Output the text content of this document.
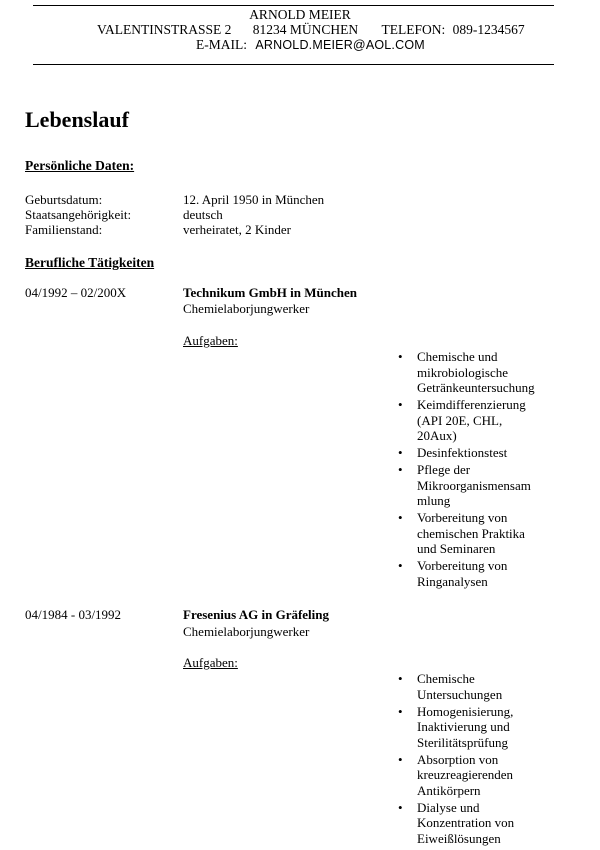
ARNOLD MEIER
VALENTINSTRASSE 2 81234 MÜNCHEN TELEFON: 089-1234567
E-MAIL: ARNOLD.MEIER@AOL.COM
Lebenslauf
Persönliche Daten:
Geburtsdatum:	12. April 1950 in München
Staatsangehörigkeit:	deutsch
Familienstand:	verheiratet, 2 Kinder
Berufliche Tätigkeiten
04/1992 – 02/200X	Technikum GmbH in München
Chemielaborjungwerker
Aufgaben:
• Chemische und
mikrobiologische
Getränkeuntersuchung
• Keimdifferenzierung
(API 20E, CHL,
20Aux)
• Desinfektionstest
• Pflege der
Mikroorganismensam
mlung
• Vorbereitung von
chemischen Praktika
und Seminaren
• Vorbereitung von
Ringanalysen
04/1984 - 03/1992	Fresenius AG in Gräfeling
Chemielaborjungwerker
Aufgaben:
• Chemische
Untersuchungen
• Homogenisierung,
Inaktivierung und
Sterilitätsprüfung
• Absorption von
kreuzreagierenden
Antikörpern
• Dialyse und
Konzentration von
Eiweißlösungen
